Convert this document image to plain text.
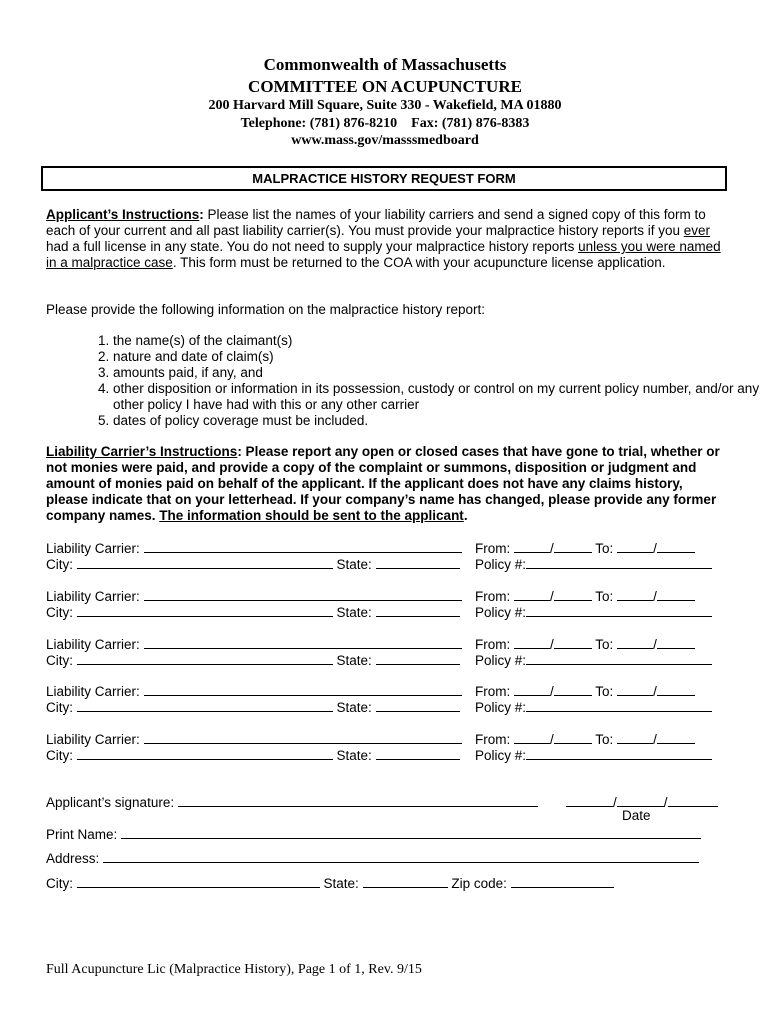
Commonwealth of Massachusetts
COMMITTEE ON ACUPUNCTURE
200 Harvard Mill Square, Suite 330 - Wakefield, MA 01880
Telephone: (781) 876-8210    Fax: (781) 876-8383
www.mass.gov/masssmedboard
MALPRACTICE HISTORY REQUEST FORM

Applicant’s Instructions: Please list the names of your liability carriers and send a signed copy of this form to each of your current and all past liability carrier(s). You must provide your malpractice history reports if you ever had a full license in any state. You do not need to supply your malpractice history reports unless you were named in a malpractice case. This form must be returned to the COA with your acupuncture license application.

Please provide the following information on the malpractice history report:

1. the name(s) of the claimant(s)
2. nature and date of claim(s)
3. amounts paid, if any, and
4. other disposition or information in its possession, custody or control on my current policy number, and/or any other policy I have had with this or any other carrier
5. dates of policy coverage must be included.

Liability Carrier’s Instructions: Please report any open or closed cases that have gone to trial, whether or not monies were paid, and provide a copy of the complaint or summons, disposition or judgment and amount of monies paid on behalf of the applicant. If the applicant does not have any claims history, please indicate that on your letterhead. If your company’s name has changed, please provide any former company names. The information should be sent to the applicant.

Liability Carrier:	From:	/	To:	/
City:	State:	Policy #:
Liability Carrier:	From:	/	To:	/
City:	State:	Policy #:
Liability Carrier:	From:	/	To:	/
City:	State:	Policy #:
Liability Carrier:	From:	/	To:	/
City:	State:	Policy #:
Liability Carrier:	From:	/	To:	/
City:	State:	Policy #:
Applicant’s signature:	/	/
Date
Print Name:
Address:
City:	State:	Zip code:
Full Acupuncture Lic (Malpractice History), Page 1 of 1, Rev. 9/15
